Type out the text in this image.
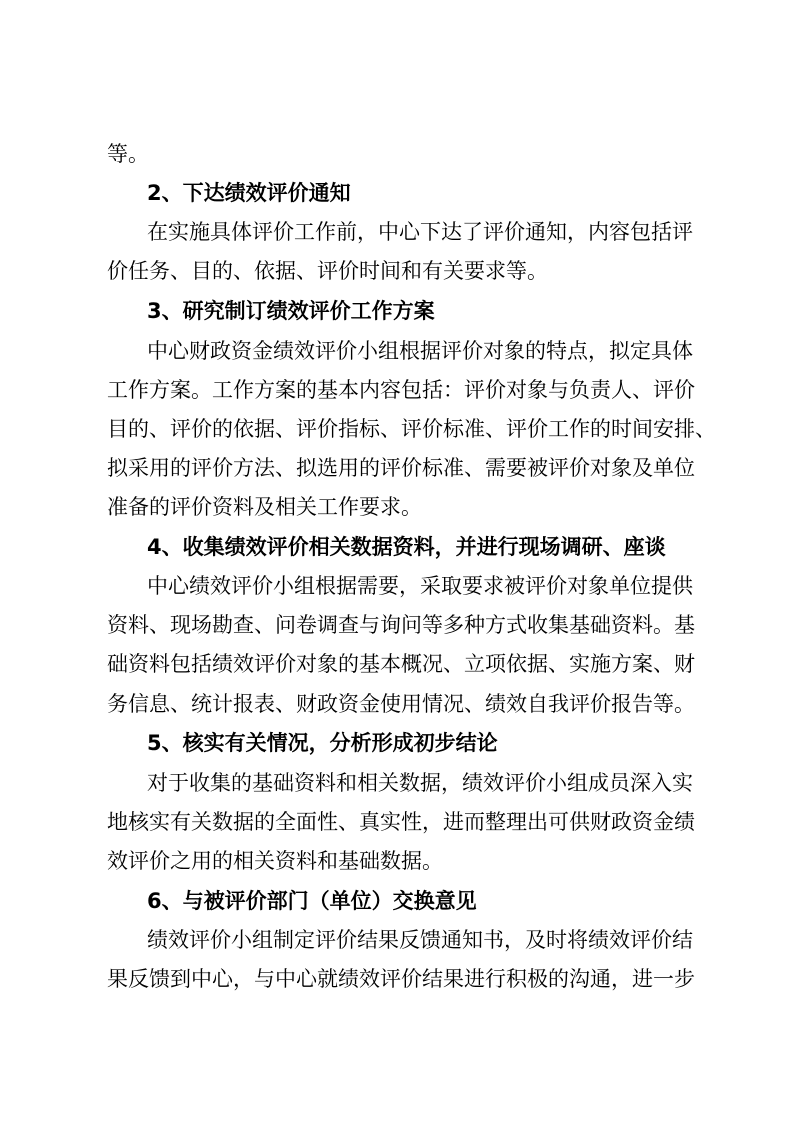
等。
2、下达绩效评价通知
在实施具体评价工作前，中心下达了评价通知，内容包括评
价任务、目的、依据、评价时间和有关要求等。
3、研究制订绩效评价工作方案
中心财政资金绩效评价小组根据评价对象的特点，拟定具体
工作方案。工作方案的基本内容包括：评价对象与负责人、评价
目的、评价的依据、评价指标、评价标准、评价工作的时间安排、
拟采用的评价方法、拟选用的评价标准、需要被评价对象及单位
准备的评价资料及相关工作要求。
4、收集绩效评价相关数据资料，并进行现场调研、座谈
中心绩效评价小组根据需要，采取要求被评价对象单位提供
资料、现场勘查、问卷调查与询问等多种方式收集基础资料。基
础资料包括绩效评价对象的基本概况、立项依据、实施方案、财
务信息、统计报表、财政资金使用情况、绩效自我评价报告等。
5、核实有关情况，分析形成初步结论
对于收集的基础资料和相关数据，绩效评价小组成员深入实
地核实有关数据的全面性、真实性，进而整理出可供财政资金绩
效评价之用的相关资料和基础数据。
6、与被评价部门（单位）交换意见
绩效评价小组制定评价结果反馈通知书，及时将绩效评价结
果反馈到中心，与中心就绩效评价结果进行积极的沟通，进一步
